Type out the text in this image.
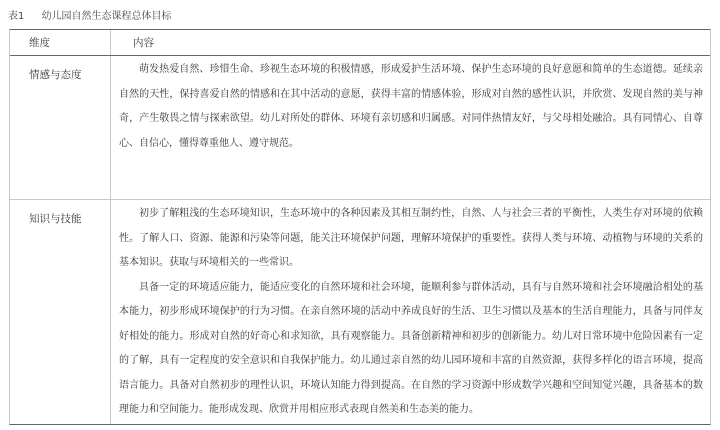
表1 幼儿园自然生态课程总体目标
维度	内容
情感与态度	萌发热爱自然、珍惜生命、珍视生态环境的积极情感，形成爱护生活环境、保护生态环境的良好意愿和简单的生态道德。延续亲自然的天性，保持喜爱自然的情感和在其中活动的意愿，获得丰富的情感体验，形成对自然的感性认识，并欣赏、发现自然的美与神奇，产生敬畏之情与探索欲望。幼儿对所处的群体、环境有亲切感和归属感。对同伴热情友好，与父母相处融洽。具有同情心、自尊心、自信心，懂得尊重他人、遵守规范。

知识与技能	初步了解粗浅的生态环境知识，生态环境中的各种因素及其相互制约性，自然、人与社会三者的平衡性，人类生存对环境的依赖性。了解人口、资源、能源和污染等问题，能关注环境保护问题，理解环境保护的重要性。获得人类与环境、动植物与环境的关系的基本知识。获取与环境相关的一些常识。

具备一定的环境适应能力，能适应变化的自然环境和社会环境，能顺利参与群体活动，具有与自然环境和社会环境融洽相处的基本能力，初步形成环境保护的行为习惯。在亲自然环境的活动中养成良好的生活、卫生习惯以及基本的生活自理能力，具备与同伴友好相处的能力。形成对自然的好奇心和求知欲，具有观察能力。具备创新精神和初步的创新能力。幼儿对日常环境中危险因素有一定的了解，具有一定程度的安全意识和自我保护能力。幼儿通过亲自然的幼儿园环境和丰富的自然资源，获得多样化的语言环境，提高语言能力。具备对自然初步的理性认识，环境认知能力得到提高。在自然的学习资源中形成数学兴趣和空间知觉兴趣，具备基本的数理能力和空间能力。能形成发现、欣赏并用相应形式表现自然美和生态美的能力。
